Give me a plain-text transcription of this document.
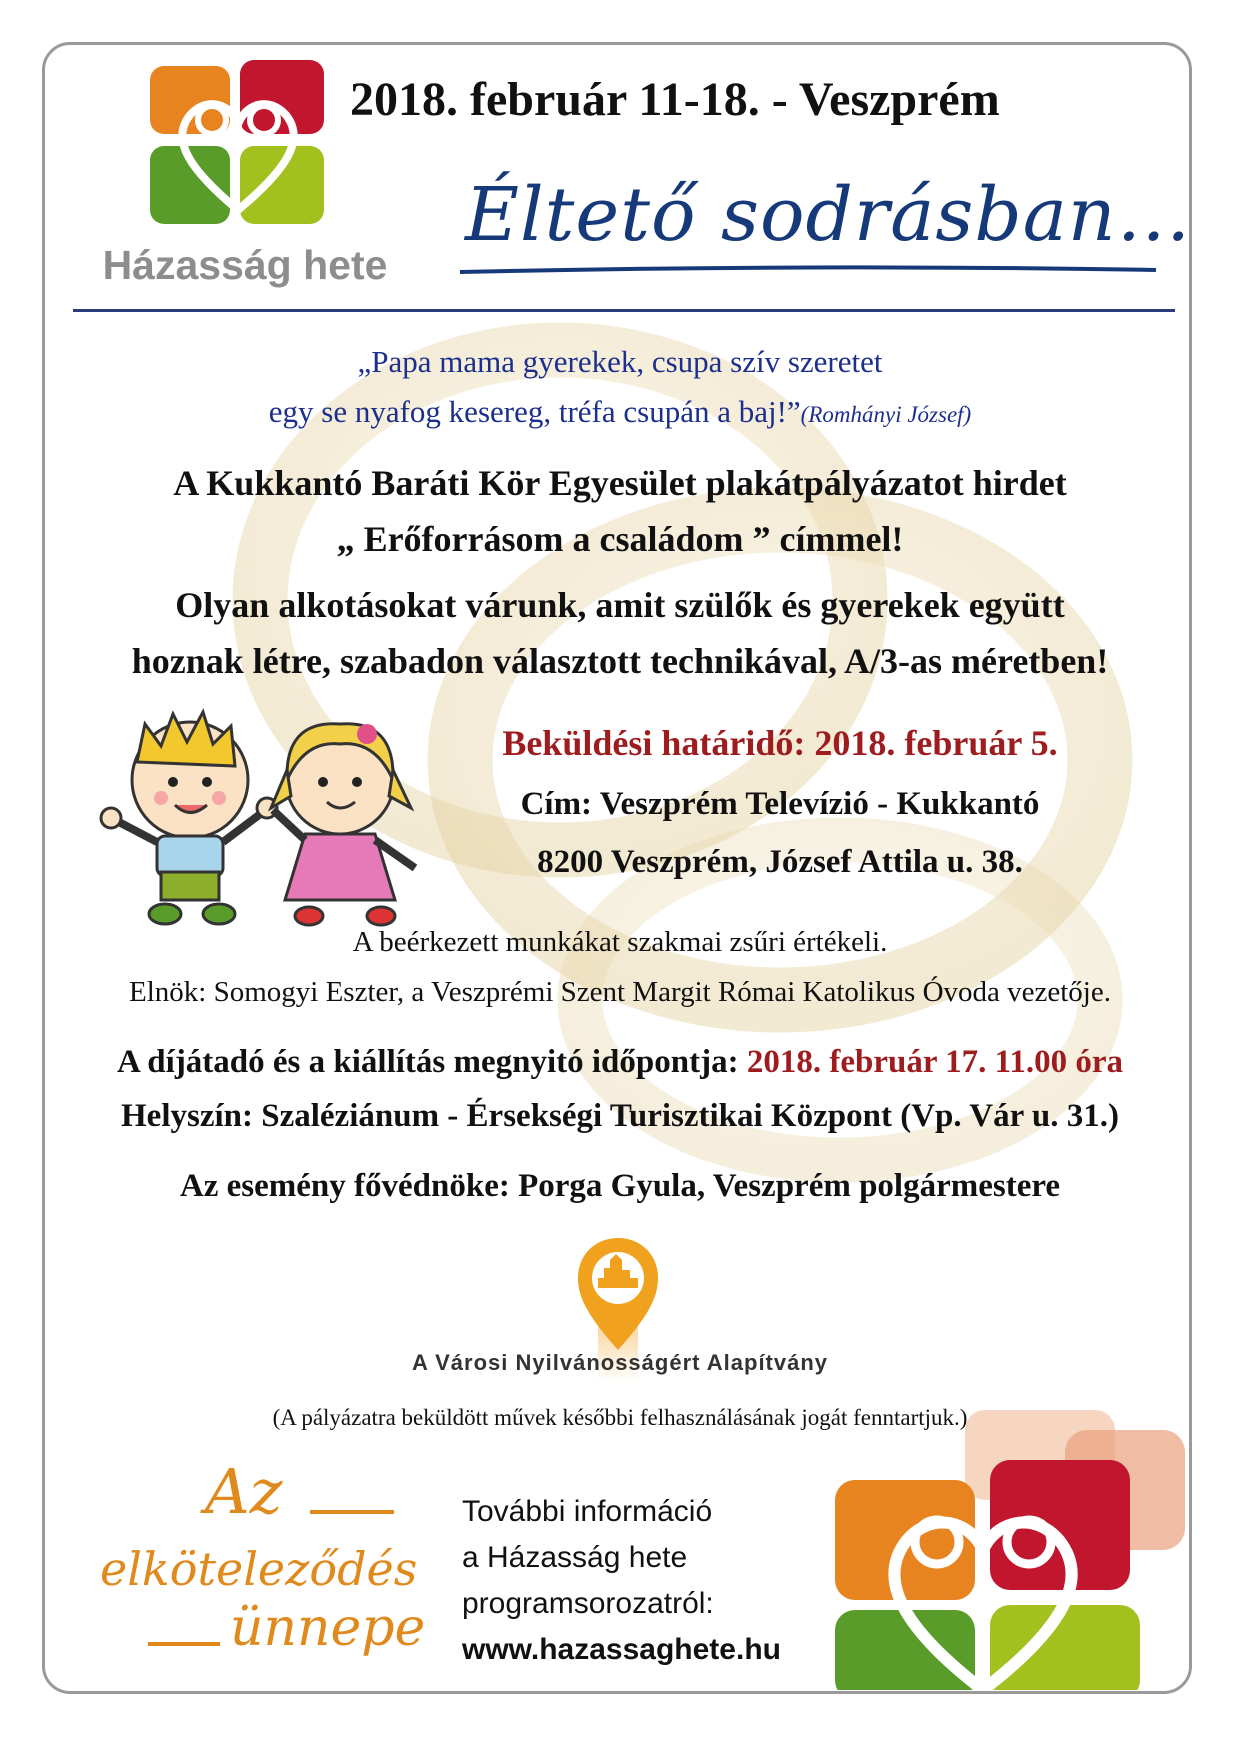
Házasság hete
2018. február 11-18. - Veszprém
Éltető sodrásban…
„Papa mama gyerekek, csupa szív szeretet
egy se nyafog kesereg, tréfa csupán a baj!”(Romhányi József)
A Kukkantó Baráti Kör Egyesület plakátpályázatot hirdet
„ Erőforrásom a családom ” címmel!
Olyan alkotásokat várunk, amit szülők és gyerekek együtt
hoznak létre, szabadon választott technikával, A/3-as méretben!
Beküldési határidő: 2018. február 5.
Cím: Veszprém Televízió - Kukkantó
8200 Veszprém, József Attila u. 38.
A beérkezett munkákat szakmai zsűri értékeli.
Elnök: Somogyi Eszter, a Veszprémi Szent Margit Római Katolikus Óvoda vezetője.
A díjátadó és a kiállítás megnyitó időpontja: 2018. február 17. 11.00 óra
Helyszín: Szaléziánum - Érsekségi Turisztikai Központ (Vp. Vár u. 31.)
Az esemény fővédnöke: Porga Gyula, Veszprém polgármestere
A Városi Nyilvánosságért Alapítvány
(A pályázatra beküldött művek későbbi felhasználásának jogát fenntartjuk.)
Az
elköteleződés
ünnepe
További információ
a Házasság hete
programsorozatról:
www.hazassaghete.hu
